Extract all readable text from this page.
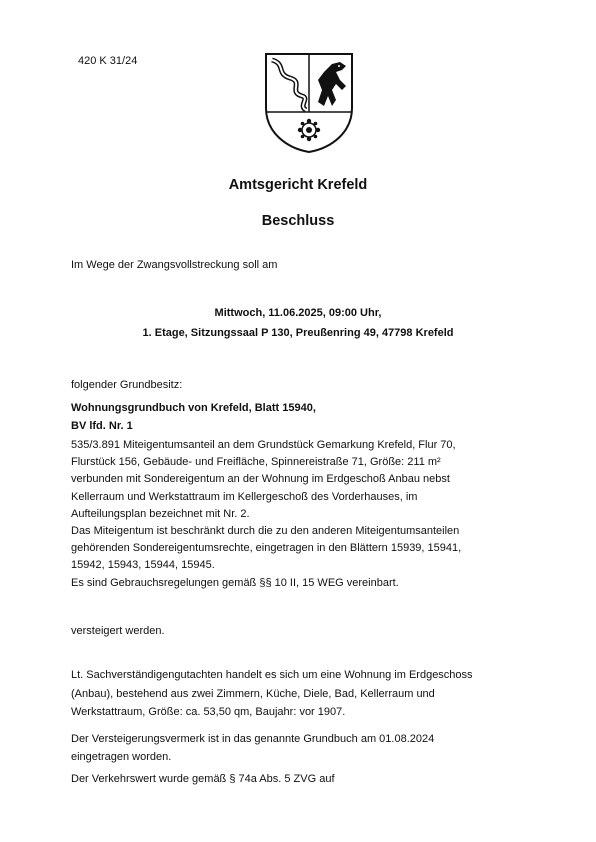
420 K 31/24
Amtsgericht Krefeld
Beschluss
Im Wege der Zwangsvollstreckung soll am
Mittwoch, 11.06.2025, 09:00 Uhr,
1. Etage, Sitzungssaal P 130, Preußenring 49, 47798 Krefeld
folgender Grundbesitz:
Wohnungsgrundbuch von Krefeld, Blatt 15940,
BV lfd. Nr. 1
535/3.891 Miteigentumsanteil an dem Grundstück Gemarkung Krefeld, Flur 70,
Flurstück 156, Gebäude- und Freifläche, Spinnereistraße 71, Größe: 211 m²
verbunden mit Sondereigentum an der Wohnung im Erdgeschoß Anbau nebst
Kellerraum und Werkstattraum im Kellergeschoß des Vorderhauses, im
Aufteilungsplan bezeichnet mit Nr. 2.
Das Miteigentum ist beschränkt durch die zu den anderen Miteigentumsanteilen
gehörenden Sondereigentumsrechte, eingetragen in den Blättern 15939, 15941,
15942, 15943, 15944, 15945.
Es sind Gebrauchsregelungen gemäß §§ 10 II, 15 WEG vereinbart.
versteigert werden.
Lt. Sachverständigengutachten handelt es sich um eine Wohnung im Erdgeschoss
(Anbau), bestehend aus zwei Zimmern, Küche, Diele, Bad, Kellerraum und
Werkstattraum, Größe: ca. 53,50 qm, Baujahr: vor 1907.
Der Versteigerungsvermerk ist in das genannte Grundbuch am 01.08.2024
eingetragen worden.
Der Verkehrswert wurde gemäß § 74a Abs. 5 ZVG auf
